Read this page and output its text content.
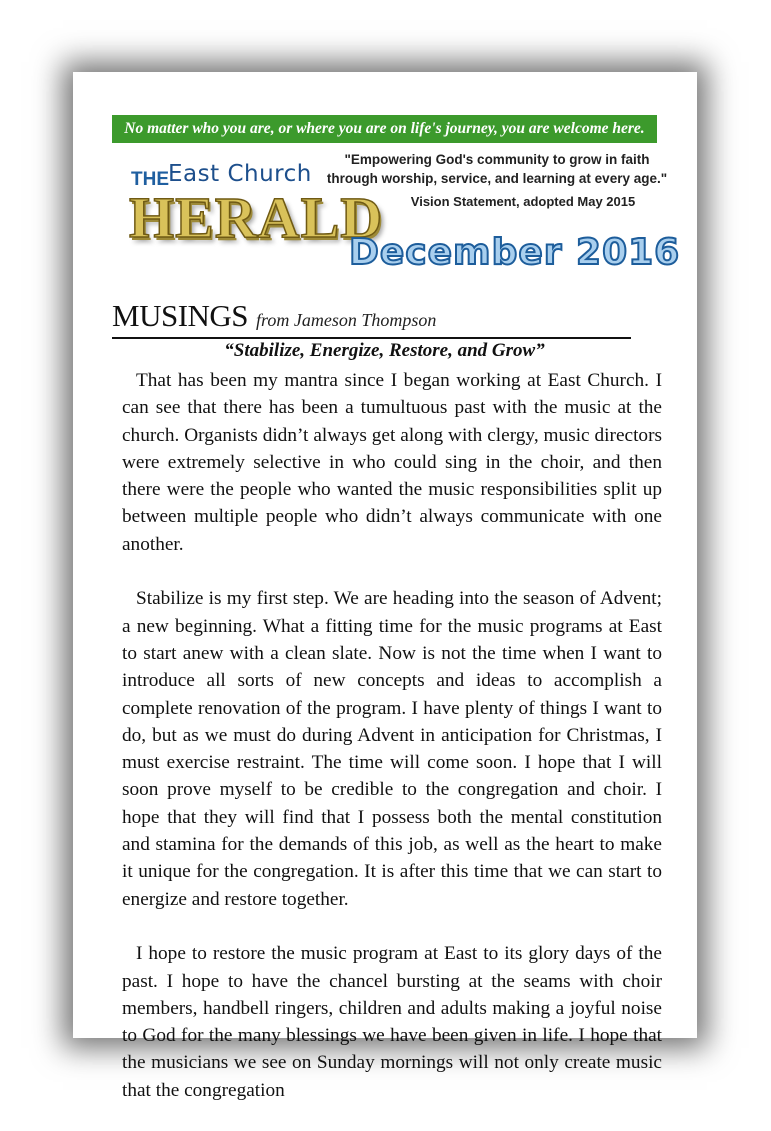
No matter who you are, or where you are on life's journey, you are welcome here.
THE East Church
HERALD
"Empowering God's community to grow in faith
through worship, service, and learning at every age."
Vision Statement, adopted May 2015
December 2016
MUSINGS from Jameson Thompson
“Stabilize, Energize, Restore, and Grow”

That has been my mantra since I began working at East Church. I can see that there has been a tumultuous past with the music at the church. Organists didn’t always get along with clergy, music directors were extremely selective in who could sing in the choir, and then there were the people who wanted the music responsibilities split up between multiple people who didn’t always communicate with one another.

Stabilize is my first step. We are heading into the season of Advent; a new beginning. What a fitting time for the music programs at East to start anew with a clean slate. Now is not the time when I want to introduce all sorts of new concepts and ideas to accomplish a complete renovation of the program. I have plenty of things I want to do, but as we must do during Advent in anticipation for Christmas, I must exercise restraint. The time will come soon. I hope that I will soon prove myself to be credible to the congregation and choir. I hope that they will find that I possess both the mental constitution and stamina for the demands of this job, as well as the heart to make it unique for the congregation. It is after this time that we can start to energize and restore together.

I hope to restore the music program at East to its glory days of the past. I hope to have the chancel bursting at the seams with choir members, handbell ringers, children and adults making a joyful noise to God for the many blessings we have been given in life. I hope that the musicians we see on Sunday mornings will not only create music that the congregation
